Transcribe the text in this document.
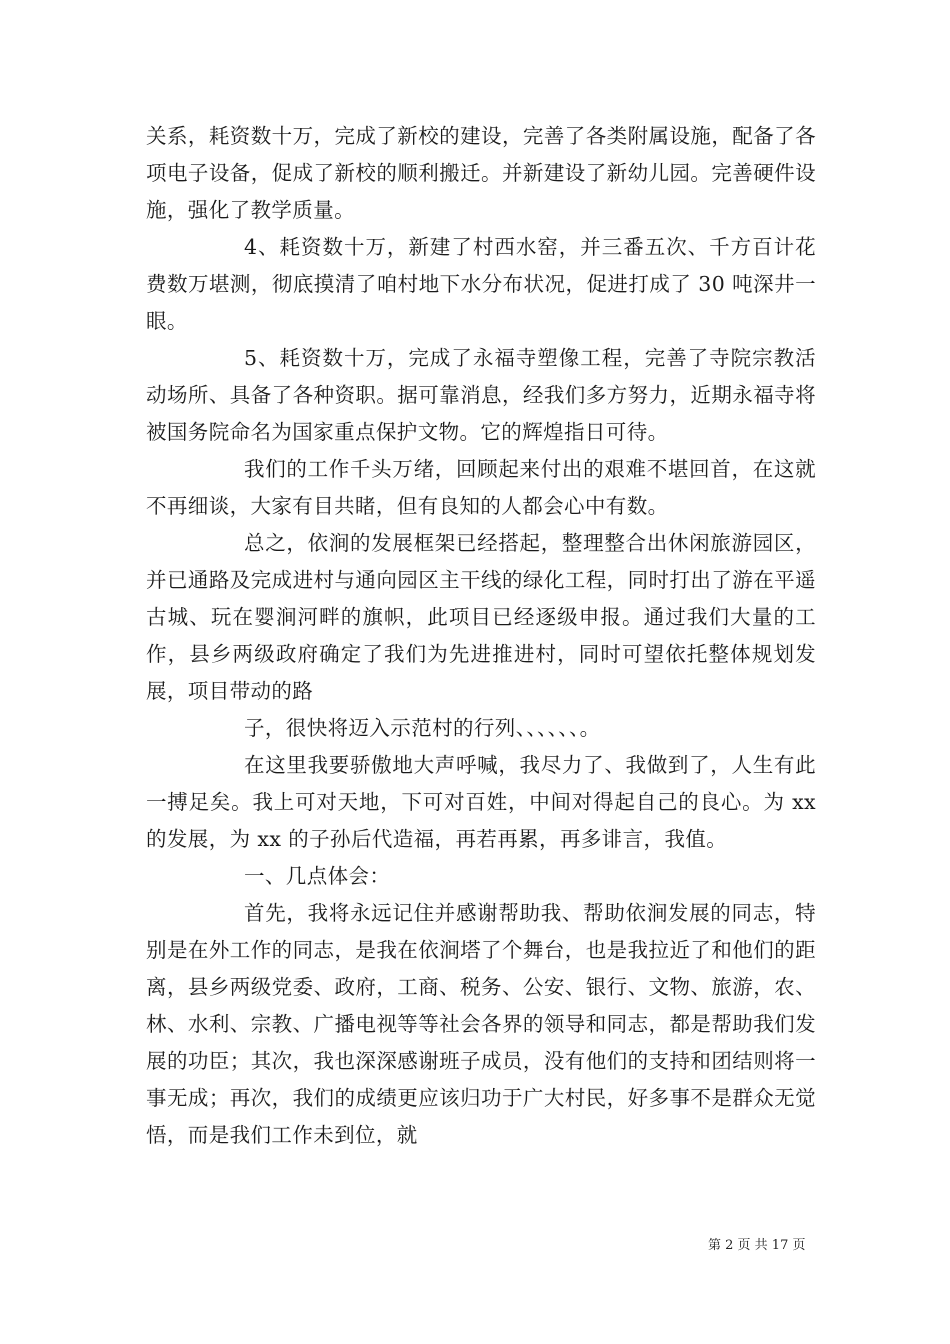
关系，耗资数十万，完成了新校的建设，完善了各类附属设施，配备了各项电子设备，促成了新校的顺利搬迁。并新建设了新幼儿园。完善硬件设施，强化了教学质量。

4、耗资数十万，新建了村西水窑，并三番五次、千方百计花费数万堪测，彻底摸清了咱村地下水分布状况，促进打成了 30 吨深井一眼。

5、耗资数十万，完成了永福寺塑像工程，完善了寺院宗教活动场所、具备了各种资职。据可靠消息，经我们多方努力，近期永福寺将被国务院命名为国家重点保护文物。它的辉煌指日可待。

我们的工作千头万绪，回顾起来付出的艰难不堪回首，在这就不再细谈，大家有目共睹，但有良知的人都会心中有数。

总之，依涧的发展框架已经搭起，整理整合出休闲旅游园区，并已通路及完成进村与通向园区主干线的绿化工程，同时打出了游在平遥古城、玩在婴涧河畔的旗帜，此项目已经逐级申报。通过我们大量的工作，县乡两级政府确定了我们为先进推进村，同时可望依托整体规划发展，项目带动的路

子，很快将迈入示范村的行列、、、、、、。

在这里我要骄傲地大声呼喊，我尽力了、我做到了，人生有此一搏足矣。我上可对天地，下可对百姓，中间对得起自己的良心。为 xx 的发展，为 xx 的子孙后代造福，再若再累，再多诽言，我值。

一、几点体会：

首先，我将永远记住并感谢帮助我、帮助依涧发展的同志，特别是在外工作的同志，是我在依涧塔了个舞台，也是我拉近了和他们的距离，县乡两级党委、政府，工商、税务、公安、银行、文物、旅游，农、林、水利、宗教、广播电视等等社会各界的领导和同志，都是帮助我们发展的功臣；其次，我也深深感谢班子成员，没有他们的支持和团结则将一事无成；再次，我们的成绩更应该归功于广大村民，好多事不是群众无觉悟，而是我们工作未到位，就

第 2 页 共 17 页
